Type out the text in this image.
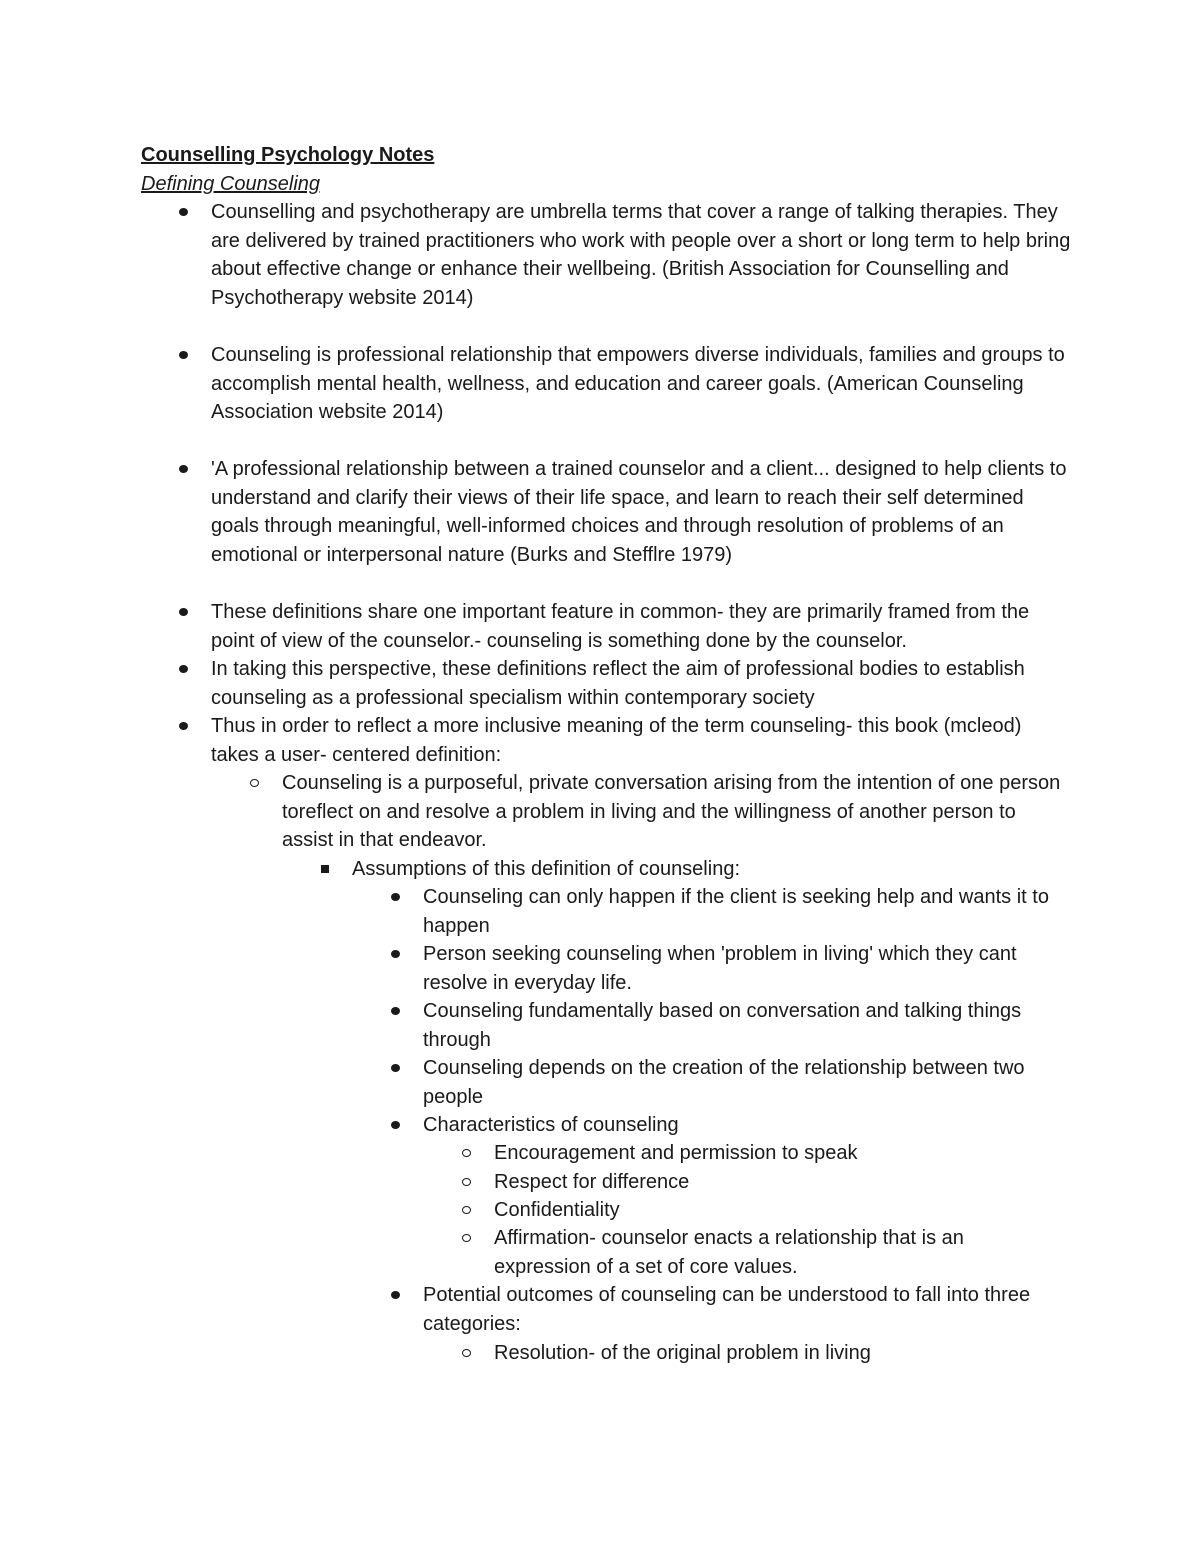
Counselling Psychology Notes
Defining Counseling
Counselling and psychotherapy are umbrella terms that cover a range of talking therapies. They are delivered by trained practitioners who work with people over a short or long term to help bring about effective change or enhance their wellbeing. (British Association for Counselling and Psychotherapy website 2014)
Counseling is professional relationship that empowers diverse individuals, families and groups to accomplish mental health, wellness, and education and career goals. (American Counseling Association website 2014)
'A professional relationship between a trained counselor and a client... designed to help clients to understand and clarify their views of their life space, and learn to reach their self determined goals through meaningful, well-informed choices and through resolution of problems of an emotional or interpersonal nature (Burks and Stefflre 1979)
These definitions share one important feature in common- they are primarily framed from the point of view of the counselor.- counseling is something done by the counselor.
In taking this perspective, these definitions reflect the aim of professional bodies to establish counseling as a professional specialism within contemporary society
Thus in order to reflect a more inclusive meaning of the term counseling- this book (mcleod) takes a user- centered definition:
Counseling is a purposeful, private conversation arising from the intention of one person toreflect on and resolve a problem in living and the willingness of another person to assist in that endeavor.
Assumptions of this definition of counseling:
Counseling can only happen if the client is seeking help and wants it to happen
Person seeking counseling when 'problem in living' which they cant resolve in everyday life.
Counseling fundamentally based on conversation and talking things through
Counseling depends on the creation of the relationship between two people
Characteristics of counseling
Encouragement and permission to speak
Respect for difference
Confidentiality
Affirmation- counselor enacts a relationship that is an expression of a set of core values.
Potential outcomes of counseling can be understood to fall into three categories:
Resolution- of the original problem in living
